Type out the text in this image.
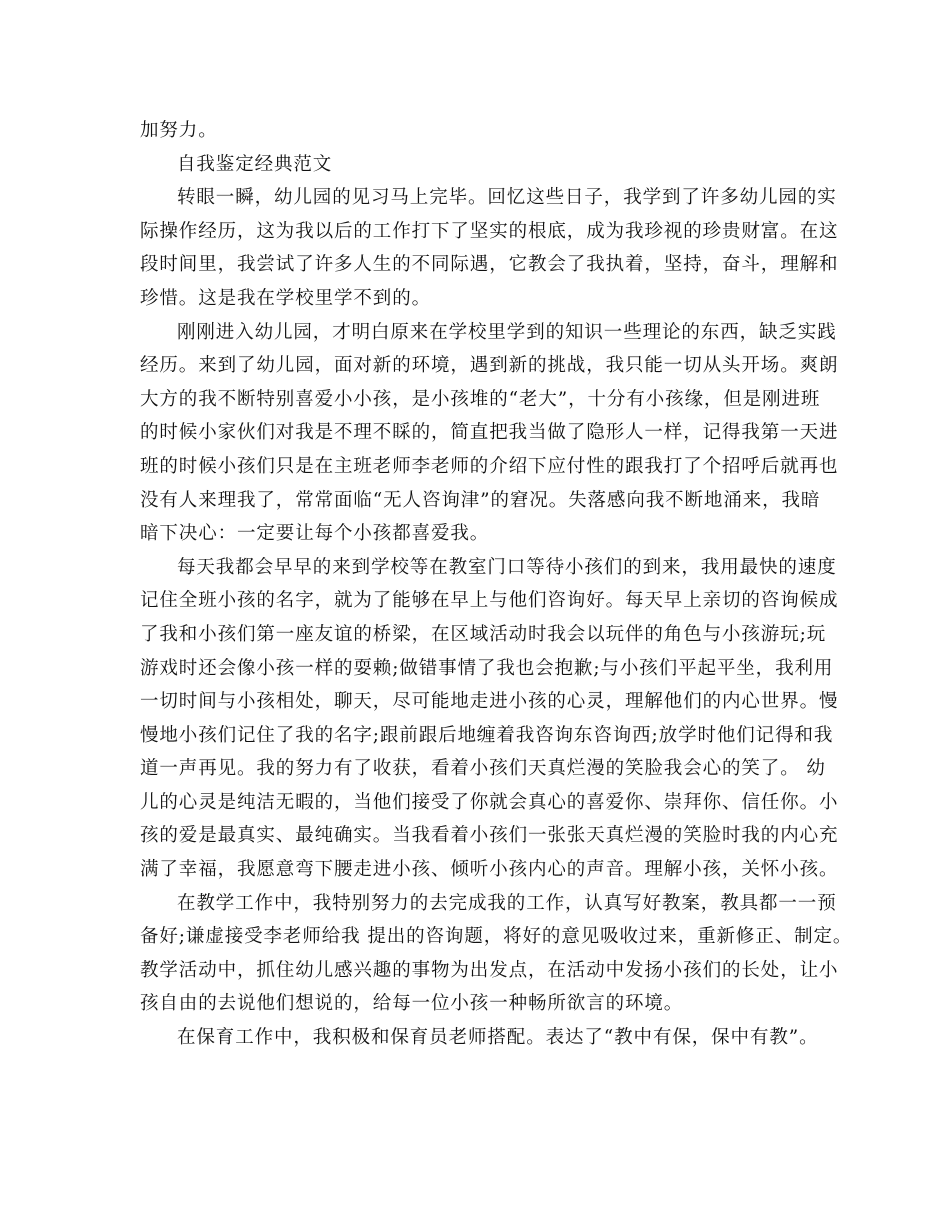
加努力。
自我鉴定经典范文
转眼一瞬，幼儿园的见习马上完毕。回忆这些日子，我学到了许多幼儿园的实
际操作经历，这为我以后的工作打下了坚实的根底，成为我珍视的珍贵财富。在这
段时间里，我尝试了许多人生的不同际遇，它教会了我执着，坚持，奋斗，理解和
珍惜。这是我在学校里学不到的。
刚刚进入幼儿园，才明白原来在学校里学到的知识一些理论的东西，缺乏实践
经历。来到了幼儿园，面对新的环境，遇到新的挑战，我只能一切从头开场。爽朗
大方的我不断特别喜爱小小孩，是小孩堆的“老大”，十分有小孩缘，但是刚进班
的时候小家伙们对我是不理不睬的，简直把我当做了隐形人一样，记得我第一天进
班的时候小孩们只是在主班老师李老师的介绍下应付性的跟我打了个招呼后就再也
没有人来理我了，常常面临“无人咨询津”的窘况。失落感向我不断地涌来，我暗
暗下决心：一定要让每个小孩都喜爱我。
每天我都会早早的来到学校等在教室门口等待小孩们的到来，我用最快的速度
记住全班小孩的名字，就为了能够在早上与他们咨询好。每天早上亲切的咨询候成
了我和小孩们第一座友谊的桥梁，在区域活动时我会以玩伴的角色与小孩游玩;玩
游戏时还会像小孩一样的耍赖;做错事情了我也会抱歉;与小孩们平起平坐，我利用
一切时间与小孩相处，聊天，尽可能地走进小孩的心灵，理解他们的内心世界。慢
慢地小孩们记住了我的名字;跟前跟后地缠着我咨询东咨询西;放学时他们记得和我
道一声再见。我的努力有了收获，看着小孩们天真烂漫的笑脸我会心的笑了。 幼
儿的心灵是纯洁无暇的，当他们接受了你就会真心的喜爱你、崇拜你、信任你。小
孩的爱是最真实、最纯确实。当我看着小孩们一张张天真烂漫的笑脸时我的内心充
满了幸福，我愿意弯下腰走进小孩、倾听小孩内心的声音。理解小孩，关怀小孩。
在教学工作中，我特别努力的去完成我的工作，认真写好教案，教具都一一预
备好;谦虚接受李老师给我 提出的咨询题，将好的意见吸收过来，重新修正、制定。
教学活动中，抓住幼儿感兴趣的事物为出发点，在活动中发扬小孩们的长处，让小
孩自由的去说他们想说的，给每一位小孩一种畅所欲言的环境。
在保育工作中，我积极和保育员老师搭配。表达了“教中有保，保中有教”。
